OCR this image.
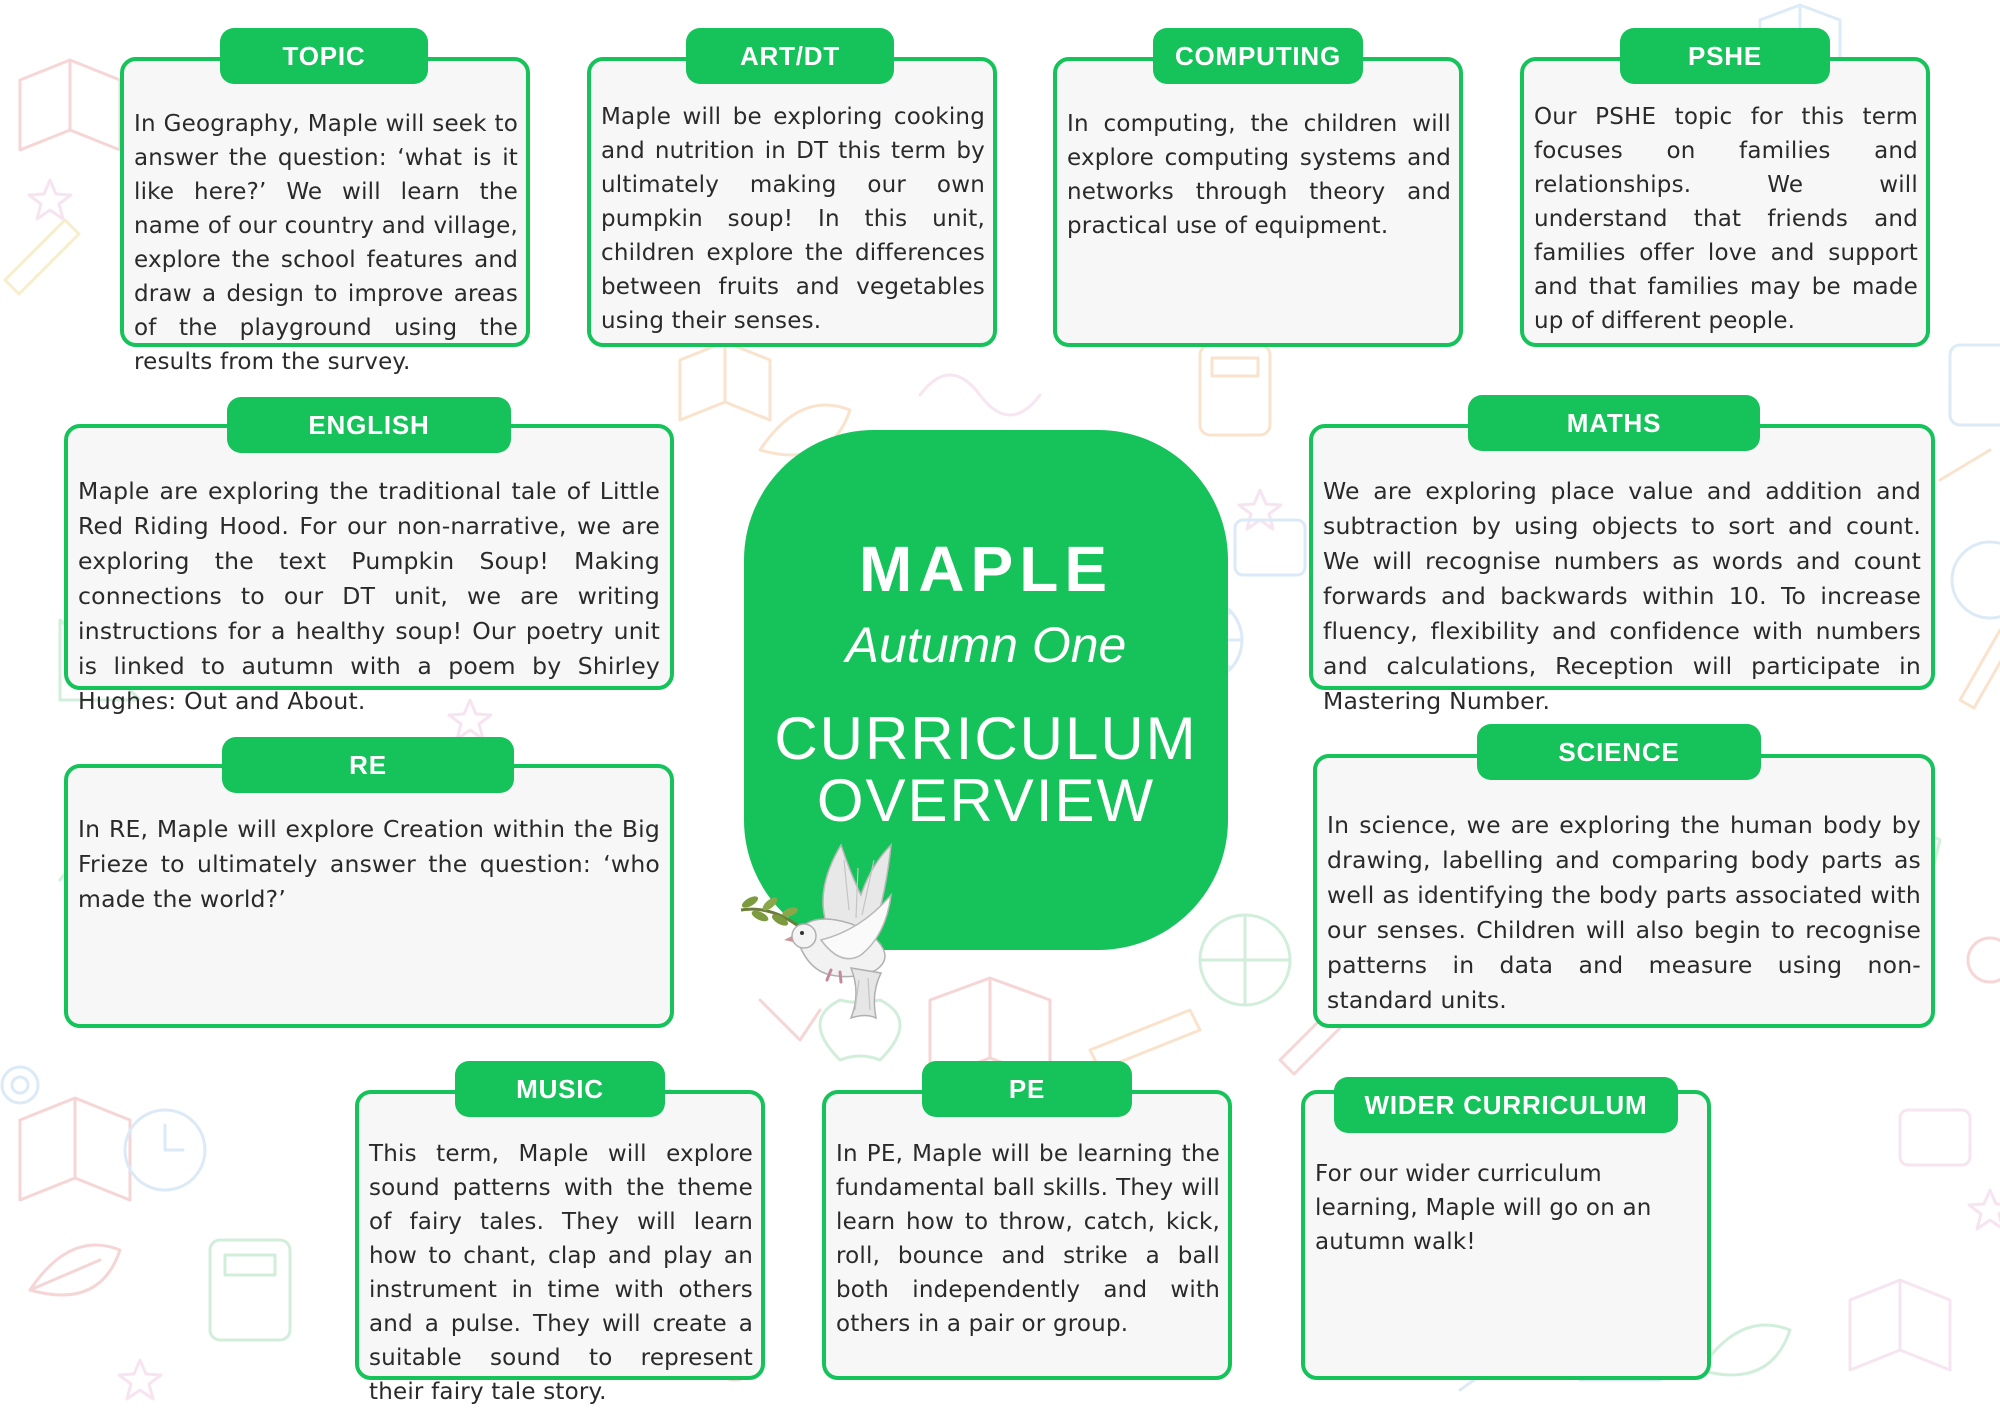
In Geography, Maple will seek to answer the question: ‘what is it like here?’ We will learn the name of our country and village, explore the school features and draw a design to improve areas of the playground using the results from the survey.
TOPIC
Maple will be exploring cooking and nutrition in DT this term by ultimately making our own pumpkin soup! In this unit, children explore the differences between fruits and vegetables using their senses.
ART/DT
In computing, the children will explore computing systems and networks through theory and practical use of equipment.
COMPUTING
Our PSHE topic for this term focuses on families and relationships. We will understand that friends and families offer love and support and that families may be made up of different people.
PSHE
Maple are exploring the traditional tale of Little Red Riding Hood. For our non-narrative, we are exploring the text Pumpkin Soup! Making connections to our DT unit, we are writing instructions for a healthy soup! Our poetry unit is linked to autumn with a poem by Shirley Hughes: Out and About.
ENGLISH
We are exploring place value and addition and subtraction by using objects to sort and count. We will recognise numbers as words and count forwards and backwards within 10. To increase fluency, flexibility and confidence with numbers and calculations, Reception will participate in Mastering Number.
MATHS
In RE, Maple will explore Creation within the Big Frieze to ultimately answer the question: ‘who made the world?’
RE
In science, we are exploring the human body by drawing, labelling and comparing body parts as well as identifying the body parts associated with our senses. Children will also begin to recognise patterns in data and measure using non-standard units.
SCIENCE
This term, Maple will explore sound patterns with the theme of fairy tales. They will learn how to chant, clap and play an instrument in time with others and a pulse. They will create a suitable sound to represent their fairy tale story.
MUSIC
In PE, Maple will be learning the fundamental ball skills. They will learn how to throw, catch, kick, roll, bounce and strike a ball both independently and with others in a pair or group.
PE
For our wider curriculum learning, Maple will go on an autumn walk!
WIDER CURRICULUM
MAPLE
Autumn One
CURRICULUM
OVERVIEW
